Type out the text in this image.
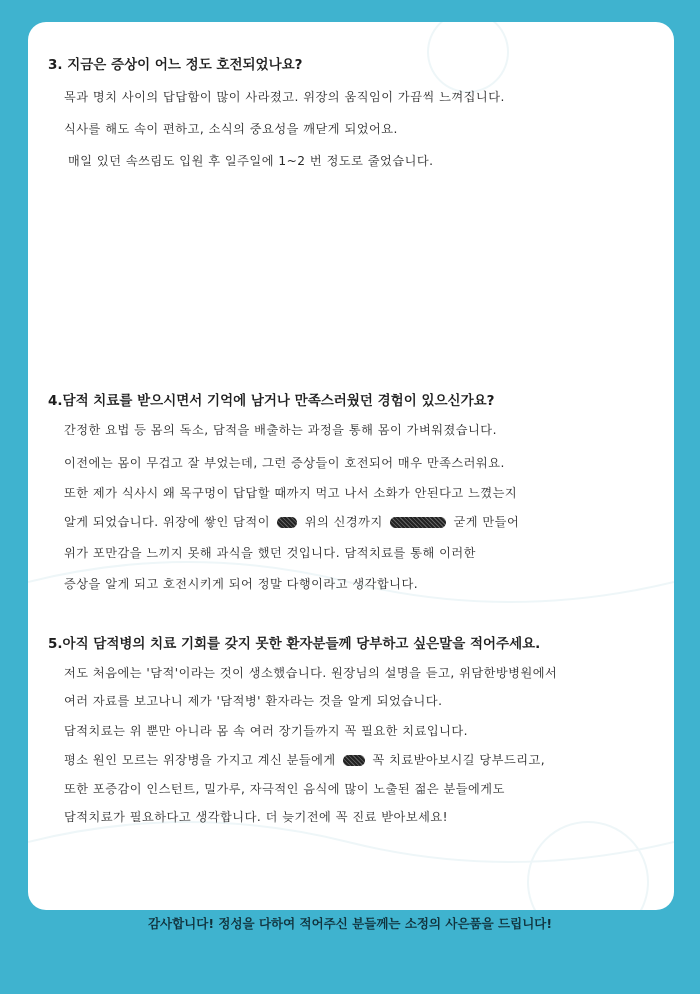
3. 지금은 증상이 어느 정도 호전되었나요?
목과 명치 사이의 답답함이 많이 사라졌고. 위장의 움직임이 가끔씩 느껴집니다.
식사를 해도 속이 편하고, 소식의 중요성을 깨닫게 되었어요.
매일 있던 속쓰림도 입원 후 일주일에 1~2 번 정도로 줄었습니다.
4.담적 치료를 받으시면서 기억에 남거나 만족스러웠던 경험이 있으신가요?
간정한 요법 등 몸의 독소, 담적을 배출하는 과정을 통해 몸이 가벼워졌습니다.
이전에는 몸이 무겁고 잘 부었는데, 그런 증상들이 호전되어 매우 만족스러워요.
또한 제가 식사시 왜 목구멍이 답답할 때까지 먹고 나서 소화가 안된다고 느꼈는지
알게 되었습니다. 위장에 쌓인 담적이	위의 신경까지	굳게 만들어
위가 포만감을 느끼지 못해 과식을 했던 것입니다. 담적치료를 통해 이러한
증상을 알게 되고 호전시키게 되어 정말 다행이라고 생각합니다.
5.아직 담적병의 치료 기회를 갖지 못한 환자분들께 당부하고 싶은말을 적어주세요.
저도 처음에는 '담적'이라는 것이 생소했습니다. 원장님의 설명을 듣고, 위담한방병원에서
여러 자료를 보고나니 제가 '담적병' 환자라는 것을 알게 되었습니다.
담적치료는 위 뿐만 아니라 몸 속 여러 장기들까지 꼭 필요한 치료입니다.
평소 원인 모르는 위장병을 가지고 계신 분들에게	꼭 치료받아보시길 당부드리고,
또한 포증감이 인스턴트, 밀가루, 자극적인 음식에 많이 노출된 젊은 분들에게도
담적치료가 필요하다고 생각합니다. 더 늦기전에 꼭 진료 받아보세요!
감사합니다! 정성을 다하여 적어주신 분들께는 소정의 사은품을 드립니다!
